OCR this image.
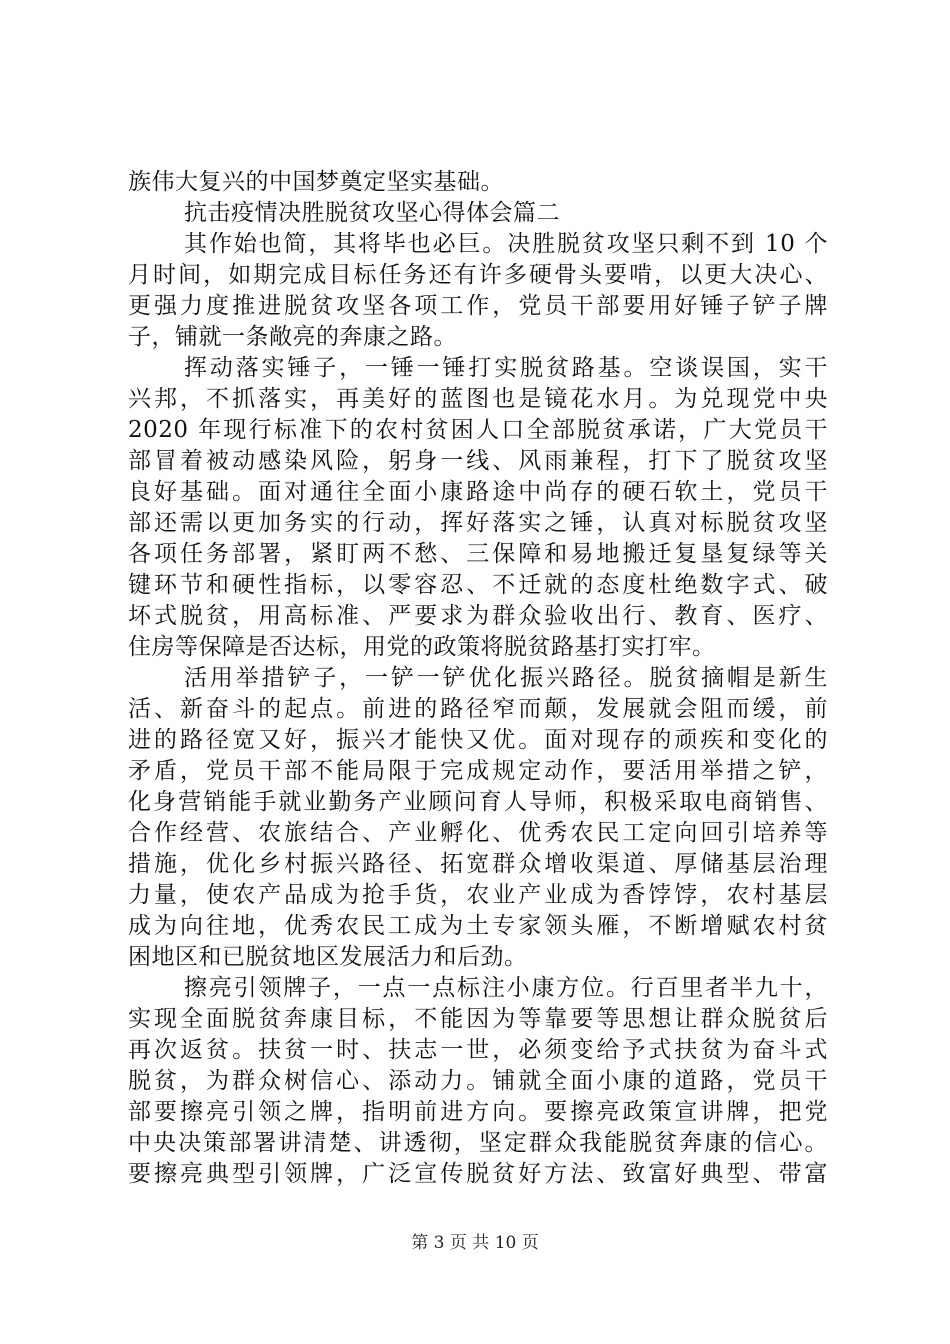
族伟大复兴的中国梦奠定坚实基础。
抗击疫情决胜脱贫攻坚心得体会篇二
其作始也简，其将毕也必巨。决胜脱贫攻坚只剩不到 10 个
月时间，如期完成目标任务还有许多硬骨头要啃，以更大决心、
更强力度推进脱贫攻坚各项工作，党员干部要用好锤子铲子牌
子，铺就一条敞亮的奔康之路。
挥动落实锤子，一锤一锤打实脱贫路基。空谈误国，实干
兴邦，不抓落实，再美好的蓝图也是镜花水月。为兑现党中央
2020 年现行标准下的农村贫困人口全部脱贫承诺，广大党员干
部冒着被动感染风险，躬身一线、风雨兼程，打下了脱贫攻坚
良好基础。面对通往全面小康路途中尚存的硬石软土，党员干
部还需以更加务实的行动，挥好落实之锤，认真对标脱贫攻坚
各项任务部署，紧盯两不愁、三保障和易地搬迁复垦复绿等关
键环节和硬性指标，以零容忍、不迁就的态度杜绝数字式、破
坏式脱贫，用高标准、严要求为群众验收出行、教育、医疗、
住房等保障是否达标，用党的政策将脱贫路基打实打牢。
活用举措铲子，一铲一铲优化振兴路径。脱贫摘帽是新生
活、新奋斗的起点。前进的路径窄而颠，发展就会阻而缓，前
进的路径宽又好，振兴才能快又优。面对现存的顽疾和变化的
矛盾，党员干部不能局限于完成规定动作，要活用举措之铲，
化身营销能手就业勤务产业顾问育人导师，积极采取电商销售、
合作经营、农旅结合、产业孵化、优秀农民工定向回引培养等
措施，优化乡村振兴路径、拓宽群众增收渠道、厚储基层治理
力量，使农产品成为抢手货，农业产业成为香饽饽，农村基层
成为向往地，优秀农民工成为土专家领头雁，不断增赋农村贫
困地区和已脱贫地区发展活力和后劲。
擦亮引领牌子，一点一点标注小康方位。行百里者半九十，
实现全面脱贫奔康目标，不能因为等靠要等思想让群众脱贫后
再次返贫。扶贫一时、扶志一世，必须变给予式扶贫为奋斗式
脱贫，为群众树信心、添动力。铺就全面小康的道路，党员干
部要擦亮引领之牌，指明前进方向。要擦亮政策宣讲牌，把党
中央决策部署讲清楚、讲透彻，坚定群众我能脱贫奔康的信心。
要擦亮典型引领牌，广泛宣传脱贫好方法、致富好典型、带富
第 3 页 共 10 页
